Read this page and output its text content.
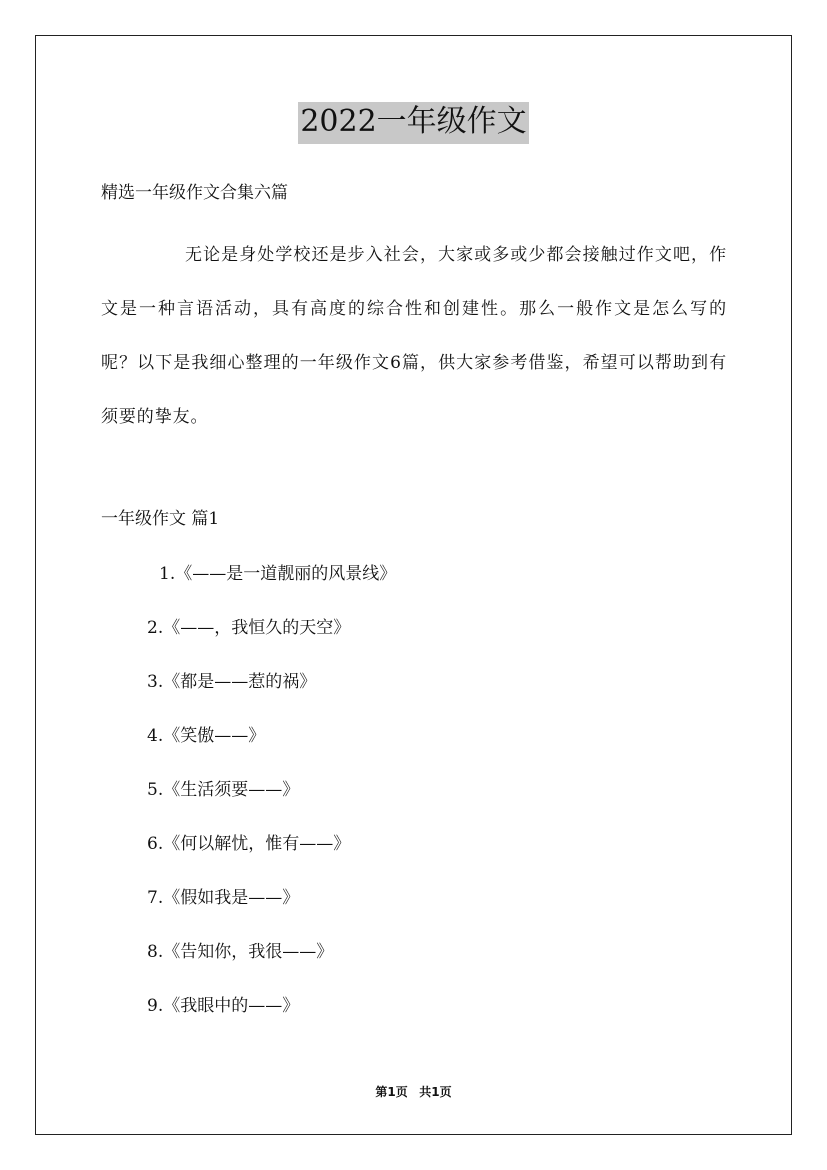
2022一年级作文
精选一年级作文合集六篇

无论是身处学校还是步入社会，大家或多或少都会接触过作文吧，作文是一种言语活动，具有高度的综合性和创建性。那么一般作文是怎么写的呢？以下是我细心整理的一年级作文6篇，供大家参考借鉴，希望可以帮助到有须要的挚友。

一年级作文 篇1
1.《——是一道靓丽的风景线》
2.《——，我恒久的天空》
3.《都是——惹的祸》
4.《笑傲——》
5.《生活须要——》
6.《何以解忧，惟有——》
7.《假如我是——》
8.《告知你，我很——》
9.《我眼中的——》
第1页 共1页
